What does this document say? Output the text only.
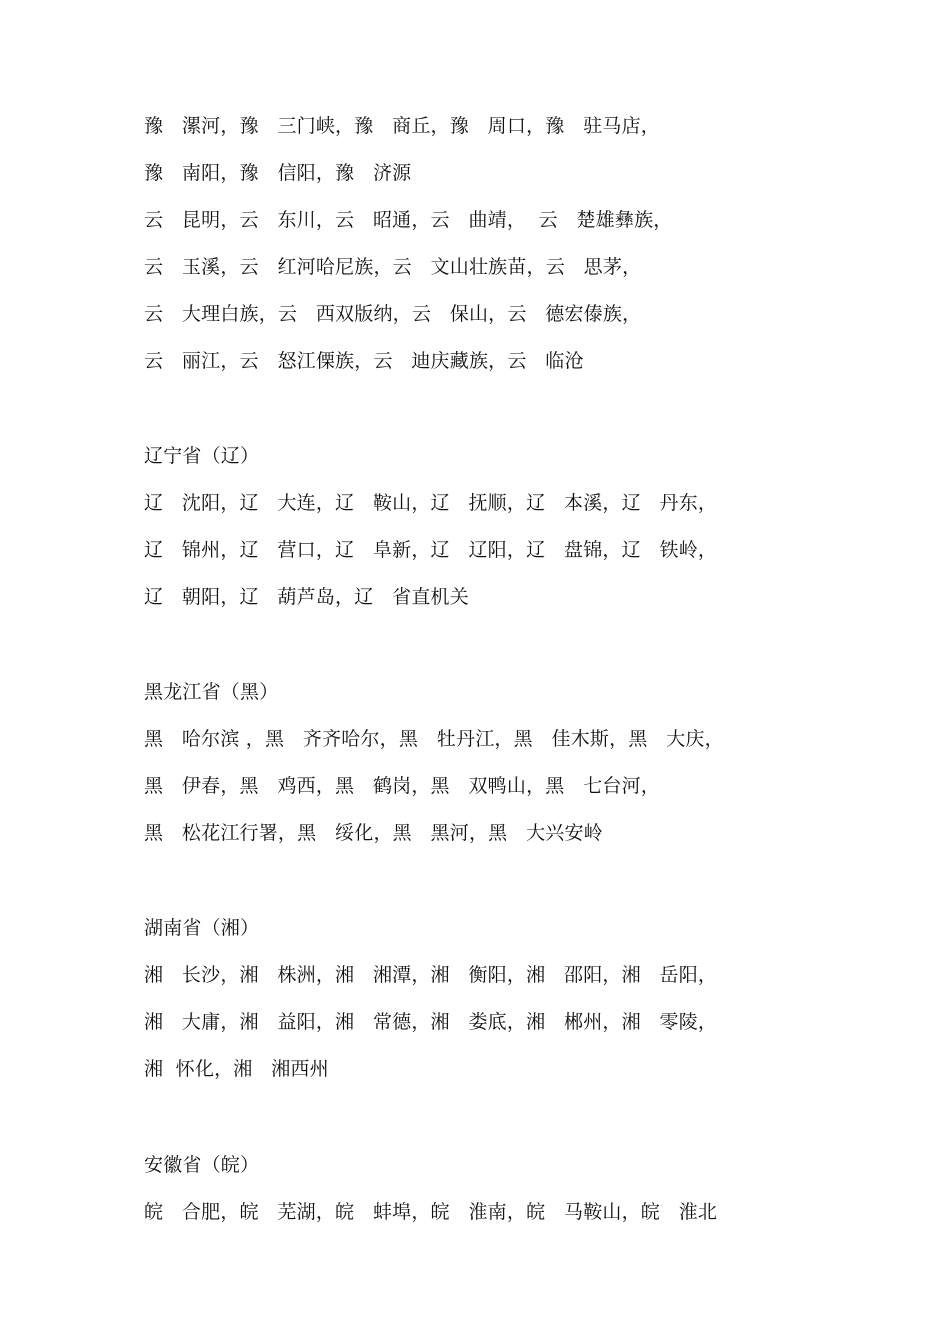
豫   漯河，豫   三门峡，豫   商丘，豫   周口，豫   驻马店，
豫   南阳，豫   信阳，豫   济源
云   昆明，云   东川，云   昭通，云   曲靖，  云   楚雄彝族，
云   玉溪，云   红河哈尼族，云   文山壮族苗，云   思茅，
云   大理白族，云   西双版纳，云   保山，云   德宏傣族，
云   丽江，云   怒江傈族，云   迪庆藏族，云   临沧
辽宁省（辽）
辽   沈阳，辽   大连，辽   鞍山，辽   抚顺，辽   本溪，辽   丹东，
辽   锦州，辽   营口，辽   阜新，辽   辽阳，辽   盘锦，辽   铁岭，
辽   朝阳，辽   葫芦岛，辽   省直机关
黑龙江省（黑）
黑   哈尔滨 ，黑   齐齐哈尔，黑   牡丹江，黑   佳木斯，黑   大庆，
黑   伊春，黑   鸡西，黑   鹤岗，黑   双鸭山，黑   七台河，
黑   松花江行署，黑   绥化，黑   黑河，黑   大兴安岭
湖南省（湘）
湘   长沙，湘   株洲，湘   湘潭，湘   衡阳，湘   邵阳，湘   岳阳，
湘   大庸，湘   益阳，湘   常德，湘   娄底，湘   郴州，湘   零陵，
湘  怀化，湘   湘西州
安徽省（皖）
皖   合肥，皖   芜湖，皖   蚌埠，皖   淮南，皖   马鞍山，皖   淮北
